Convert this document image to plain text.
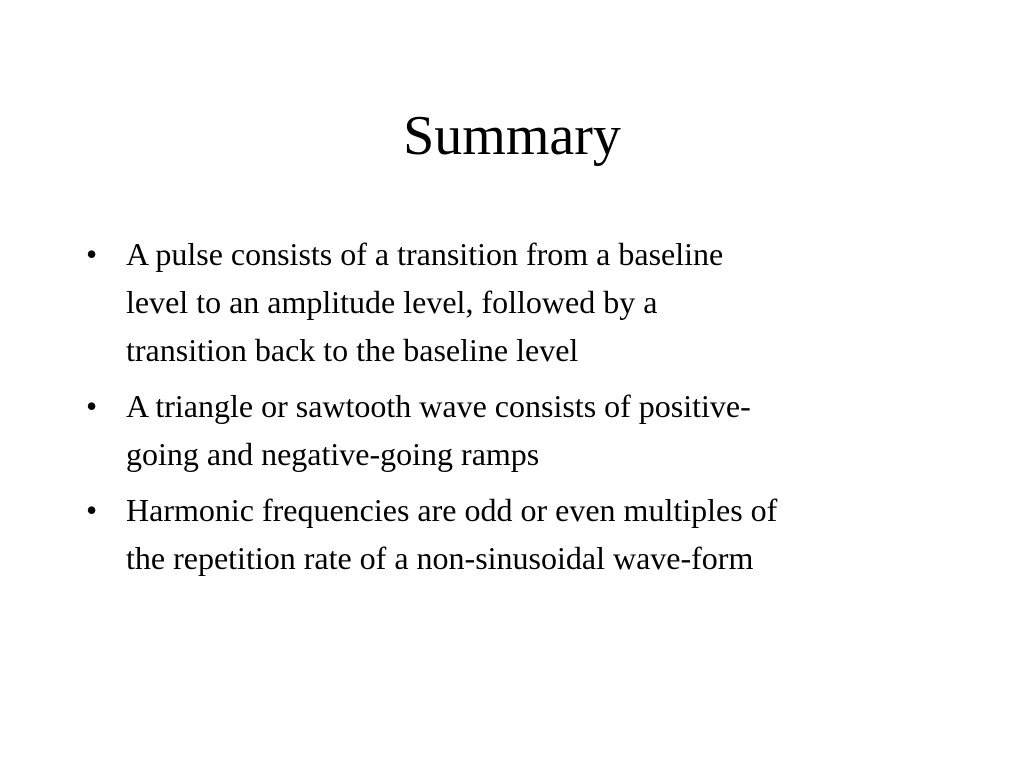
Summary
• A pulse consists of a transition from a baseline
level to an amplitude level, followed by a
transition back to the baseline level
• A triangle or sawtooth wave consists of positive-
going and negative-going ramps
• Harmonic frequencies are odd or even multiples of
the repetition rate of a non-sinusoidal wave-form
